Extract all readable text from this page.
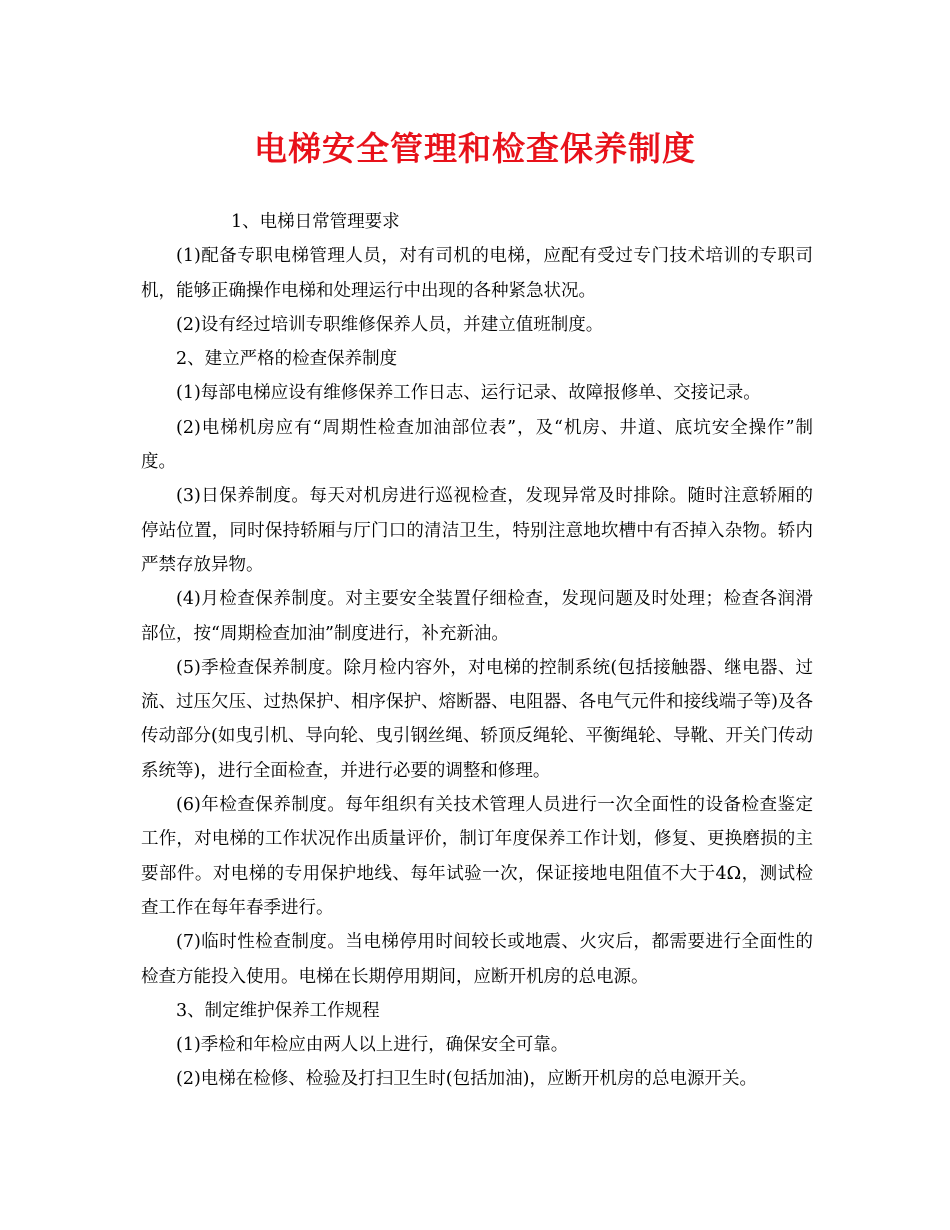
电梯安全管理和检查保养制度

1、电梯日常管理要求

(1)配备专职电梯管理人员，对有司机的电梯，应配有受过专门技术培训的专职司机，能够正确操作电梯和处理运行中出现的各种紧急状况。

(2)设有经过培训专职维修保养人员，并建立值班制度。

2、建立严格的检查保养制度

(1)每部电梯应设有维修保养工作日志、运行记录、故障报修单、交接记录。

(2)电梯机房应有“周期性检查加油部位表”，及“机房、井道、底坑安全操作”制度。

(3)日保养制度。每天对机房进行巡视检查，发现异常及时排除。随时注意轿厢的停站位置，同时保持轿厢与厅门口的清洁卫生，特别注意地坎槽中有否掉入杂物。轿内严禁存放异物。

(4)月检查保养制度。对主要安全装置仔细检查，发现问题及时处理；检查各润滑部位，按“周期检查加油”制度进行，补充新油。

(5)季检查保养制度。除月检内容外，对电梯的控制系统(包括接触器、继电器、过流、过压欠压、过热保护、相序保护、熔断器、电阻器、各电气元件和接线端子等)及各传动部分(如曳引机、导向轮、曳引钢丝绳、轿顶反绳轮、平衡绳轮、导靴、开关门传动系统等)，进行全面检查，并进行必要的调整和修理。

(6)年检查保养制度。每年组织有关技术管理人员进行一次全面性的设备检查鉴定工作，对电梯的工作状况作出质量评价，制订年度保养工作计划，修复、更换磨损的主要部件。对电梯的专用保护地线、每年试验一次，保证接地电阻值不大于4Ω，测试检查工作在每年春季进行。

(7)临时性检查制度。当电梯停用时间较长或地震、火灾后，都需要进行全面性的检查方能投入使用。电梯在长期停用期间，应断开机房的总电源。

3、制定维护保养工作规程

(1)季检和年检应由两人以上进行，确保安全可靠。

(2)电梯在检修、检验及打扫卫生时(包括加油)，应断开机房的总电源开关。
